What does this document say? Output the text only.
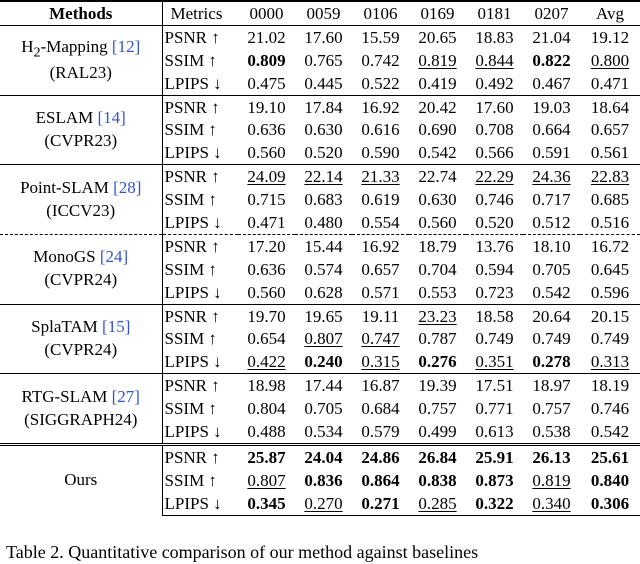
Methods	Metrics	0000	0059	0106	0169	0181	0207	Avg

$H_2$-Mapping [12]
(RAL23)	PSNR ↑	21.02	17.60	15.59	20.65	18.83	21.04	19.12
	SSIM ↑	0.809	0.765	0.742	0.819	0.844	0.822	0.800
	LPIPS ↓	0.475	0.445	0.522	0.419	0.492	0.467	0.471

ESLAM [14]
(CVPR23)	PSNR ↑	19.10	17.84	16.92	20.42	17.60	19.03	18.64
	SSIM ↑	0.636	0.630	0.616	0.690	0.708	0.664	0.657
	LPIPS ↓	0.560	0.520	0.590	0.542	0.566	0.591	0.561

Point-SLAM [28]
(ICCV23)	PSNR ↑	24.09	22.14	21.33	22.74	22.29	24.36	22.83
	SSIM ↑	0.715	0.683	0.619	0.630	0.746	0.717	0.685
	LPIPS ↓	0.471	0.480	0.554	0.560	0.520	0.512	0.516

MonoGS [24]
(CVPR24)	PSNR ↑	17.20	15.44	16.92	18.79	13.76	18.10	16.72
	SSIM ↑	0.636	0.574	0.657	0.704	0.594	0.705	0.645
	LPIPS ↓	0.560	0.628	0.571	0.553	0.723	0.542	0.596

SplaTAM [15]
(CVPR24)	PSNR ↑	19.70	19.65	19.11	23.23	18.58	20.64	20.15
	SSIM ↑	0.654	0.807	0.747	0.787	0.749	0.749	0.749
	LPIPS ↓	0.422	0.240	0.315	0.276	0.351	0.278	0.313

RTG-SLAM [27]
(SIGGRAPH24)	PSNR ↑	18.98	17.44	16.87	19.39	17.51	18.97	18.19
	SSIM ↑	0.804	0.705	0.684	0.757	0.771	0.757	0.746
	LPIPS ↓	0.488	0.534	0.579	0.499	0.613	0.538	0.542

Ours	PSNR ↑	25.87	24.04	24.86	26.84	25.91	26.13	25.61
	SSIM ↑	0.807	0.836	0.864	0.838	0.873	0.819	0.840
	LPIPS ↓	0.345	0.270	0.271	0.285	0.322	0.340	0.306
Table 2. Quantitative comparison of our method against baselines
